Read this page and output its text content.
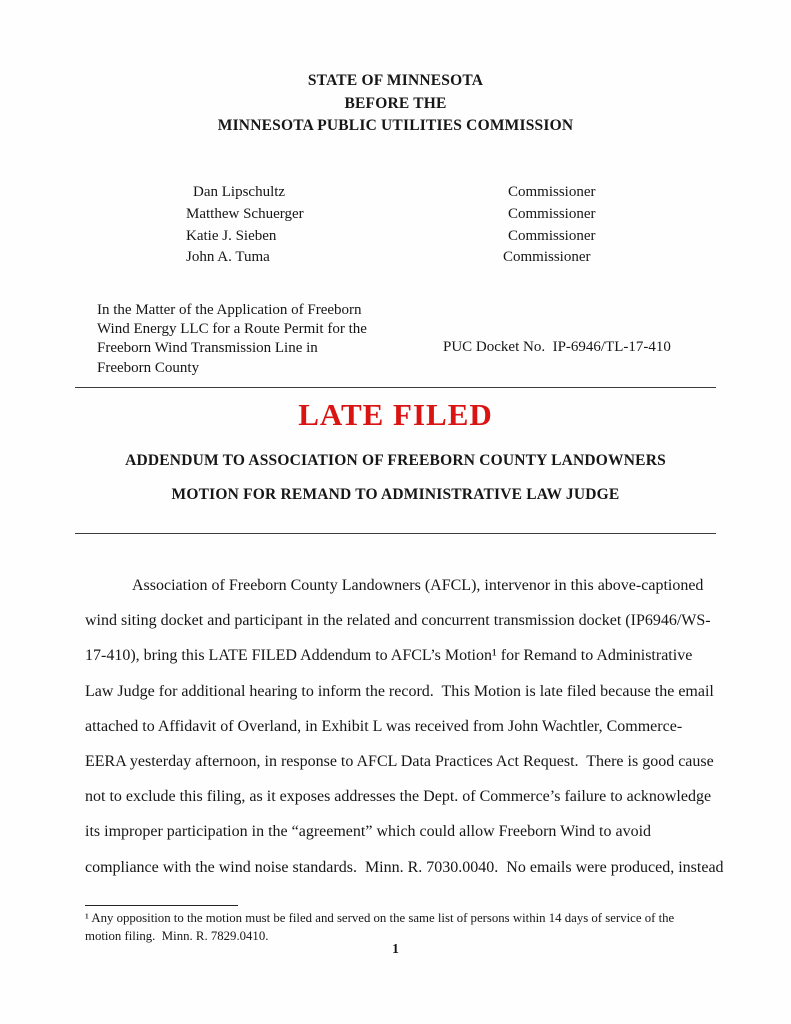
STATE OF MINNESOTA
BEFORE THE
MINNESOTA PUBLIC UTILITIES COMMISSION
Dan Lipschultz	Commissioner
Matthew Schuerger	Commissioner
Katie J. Sieben	Commissioner
John A. Tuma	Commissioner
In the Matter of the Application of Freeborn
Wind Energy LLC for a Route Permit for the
Freeborn Wind Transmission Line in
Freeborn County
PUC Docket No.  IP-6946/TL-17-410
LATE FILED
ADDENDUM TO ASSOCIATION OF FREEBORN COUNTY LANDOWNERS
MOTION FOR REMAND TO ADMINISTRATIVE LAW JUDGE
Association of Freeborn County Landowners (AFCL), intervenor in this above-captioned
wind siting docket and participant in the related and concurrent transmission docket (IP6946/WS-
17-410), bring this LATE FILED Addendum to AFCL’s Motion¹ for Remand to Administrative
Law Judge for additional hearing to inform the record.  This Motion is late filed because the email
attached to Affidavit of Overland, in Exhibit L was received from John Wachtler, Commerce-
EERA yesterday afternoon, in response to AFCL Data Practices Act Request.  There is good cause
not to exclude this filing, as it exposes addresses the Dept. of Commerce’s failure to acknowledge
its improper participation in the “agreement” which could allow Freeborn Wind to avoid
compliance with the wind noise standards.  Minn. R. 7030.0040.  No emails were produced, instead
¹ Any opposition to the motion must be filed and served on the same list of persons within 14 days of service of the
motion filing.  Minn. R. 7829.0410.
1
